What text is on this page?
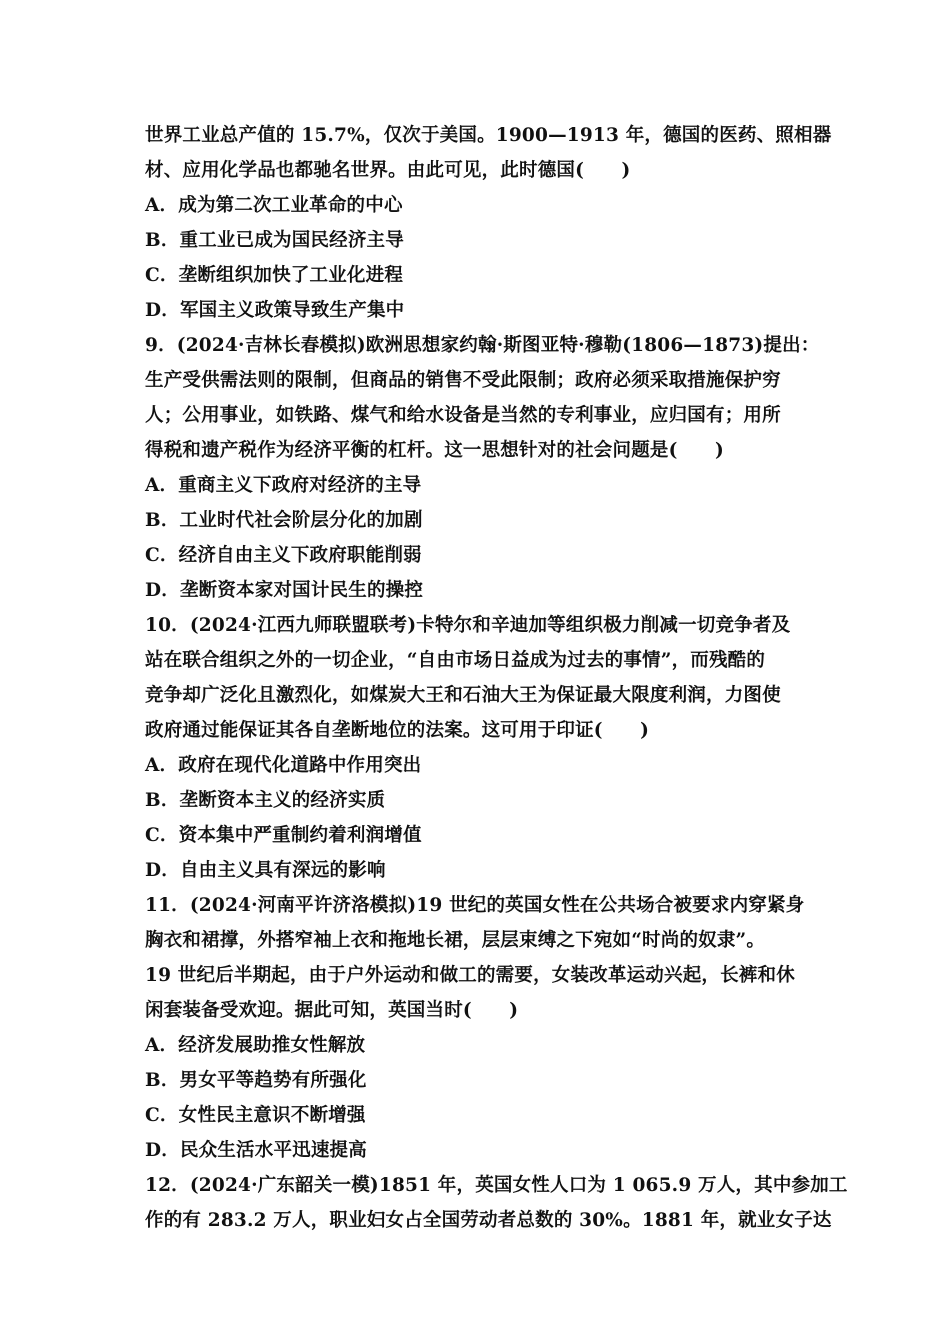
世界工业总产值的 15.7%，仅次于美国。1900—1913 年，德国的医药、照相器
材、应用化学品也都驰名世界。由此可见，此时德国(　　)
A．成为第二次工业革命的中心
B．重工业已成为国民经济主导
C．垄断组织加快了工业化进程
D．军国主义政策导致生产集中
9．(2024·吉林长春模拟)欧洲思想家约翰·斯图亚特·穆勒(1806—1873)提出：
生产受供需法则的限制，但商品的销售不受此限制；政府必须采取措施保护穷
人；公用事业，如铁路、煤气和给水设备是当然的专利事业，应归国有；用所
得税和遗产税作为经济平衡的杠杆。这一思想针对的社会问题是(　　)
A．重商主义下政府对经济的主导
B．工业时代社会阶层分化的加剧
C．经济自由主义下政府职能削弱
D．垄断资本家对国计民生的操控
10．(2024·江西九师联盟联考)卡特尔和辛迪加等组织极力削减一切竞争者及
站在联合组织之外的一切企业，“自由市场日益成为过去的事情”，而残酷的
竞争却广泛化且激烈化，如煤炭大王和石油大王为保证最大限度利润，力图使
政府通过能保证其各自垄断地位的法案。这可用于印证(　　)
A．政府在现代化道路中作用突出
B．垄断资本主义的经济实质
C．资本集中严重制约着利润增值
D．自由主义具有深远的影响
11．(2024·河南平许济洛模拟)19 世纪的英国女性在公共场合被要求内穿紧身
胸衣和裙撑，外搭窄袖上衣和拖地长裙，层层束缚之下宛如“时尚的奴隶”。
19 世纪后半期起，由于户外运动和做工的需要，女装改革运动兴起，长裤和休
闲套装备受欢迎。据此可知，英国当时(　　)
A．经济发展助推女性解放
B．男女平等趋势有所强化
C．女性民主意识不断增强
D．民众生活水平迅速提高
12．(2024·广东韶关一模)1851 年，英国女性人口为 1 065.9 万人，其中参加工
作的有 283.2 万人，职业妇女占全国劳动者总数的 30%。1881 年，就业女子达
